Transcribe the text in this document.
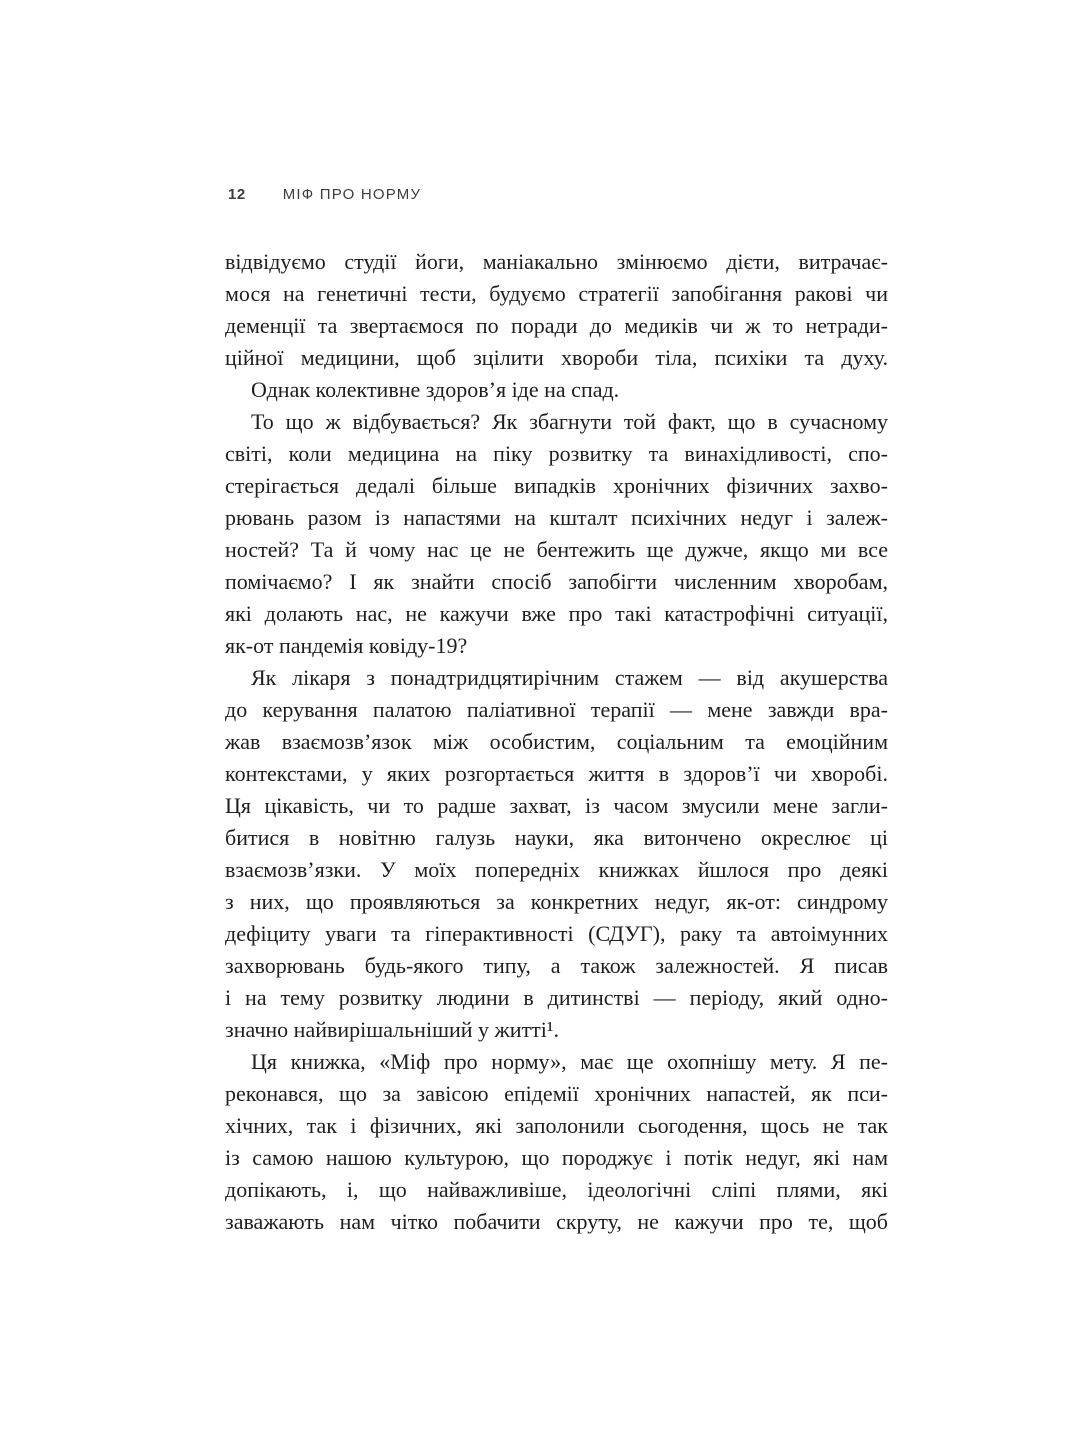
12 МІФ ПРО НОРМУ
відвідуємо студії йоги, маніакально змінюємо дієти, витрачає-
мося на генетичні тести, будуємо стратегії запобігання ракові чи
деменції та звертаємося по поради до медиків чи ж то нетради-
ційної медицини, щоб зцілити хвороби тіла, психіки та духу.
Однак колективне здоров’я іде на спад.
То що ж відбувається? Як збагнути той факт, що в сучасному
світі, коли медицина на піку розвитку та винахідливості, спо-
стерігається дедалі більше випадків хронічних фізичних захво-
рювань разом із напастями на кшталт психічних недуг і залеж-
ностей? Та й чому нас це не бентежить ще дужче, якщо ми все
помічаємо? І як знайти спосіб запобігти численним хворобам,
які долають нас, не кажучи вже про такі катастрофічні ситуації,
як-от пандемія ковіду-19?
Як лікаря з понадтридцятирічним стажем — від акушерства
до керування палатою паліативної терапії — мене завжди вра-
жав взаємозв’язок між особистим, соціальним та емоційним
контекстами, у яких розгортається життя в здоров’ї чи хворобі.
Ця цікавість, чи то радше захват, із часом змусили мене загли-
битися в новітню галузь науки, яка витончено окреслює ці
взаємозв’язки. У моїх попередніх книжках йшлося про деякі
з них, що проявляються за конкретних недуг, як-от: синдрому
дефіциту уваги та гіперактивності (СДУГ), раку та автоімунних
захворювань будь-якого типу, а також залежностей. Я писав
і на тему розвитку людини в дитинстві — періоду, який одно-
значно найвирішальніший у житті¹.
Ця книжка, «Міф про норму», має ще охопнішу мету. Я пе-
реконався, що за завісою епідемії хронічних напастей, як пси-
хічних, так і фізичних, які заполонили сьогодення, щось не так
із самою нашою культурою, що породжує і потік недуг, які нам
допікають, і, що найважливіше, ідеологічні сліпі плями, які
заважають нам чітко побачити скруту, не кажучи про те, щоб
